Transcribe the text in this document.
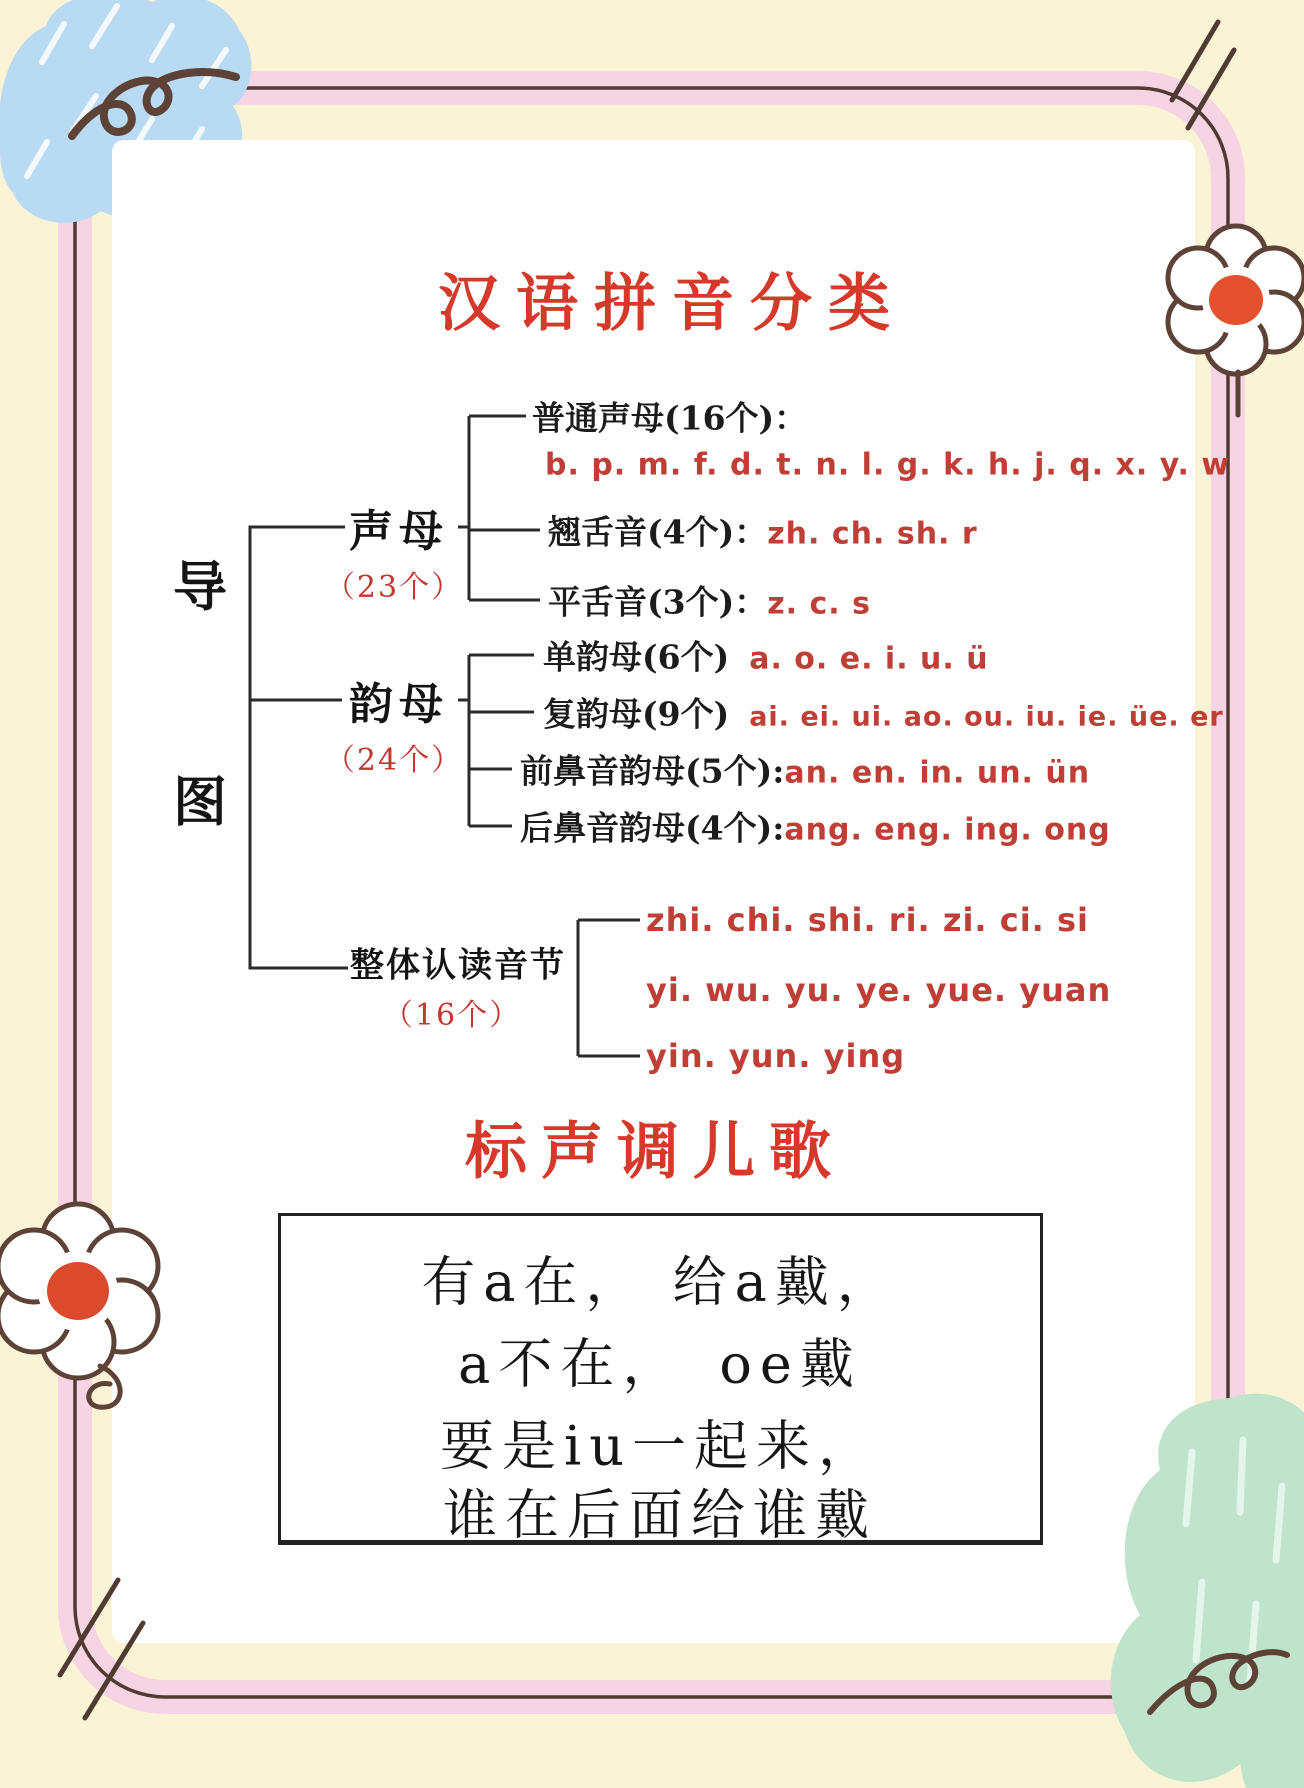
汉语拼音分类
标声调儿歌
导
图
声母
（23个）
普通声母(16个)：
b. p. m. f. d. t. n. l. g. k. h. j. q. x. y. w
翘舌音(4个)： zh. ch. sh. r
平舌音(3个)： z. c. s
韵母
（24个）
单韵母(6个) a. o. e. i. u. ü
复韵母(9个) ai. ei. ui. ao. ou. iu. ie. üe. er
前鼻音韵母(5个): an. en. in. un. ün
后鼻音韵母(4个): ang. eng. ing. ong
整体认读音节
（16个）
zhi. chi. shi. ri. zi. ci. si
yi. wu. yu. ye. yue. yuan
yin. yun. ying
有a在， 给a戴，
a不在，　oe戴
要是iu一起来，
谁在后面给谁戴
